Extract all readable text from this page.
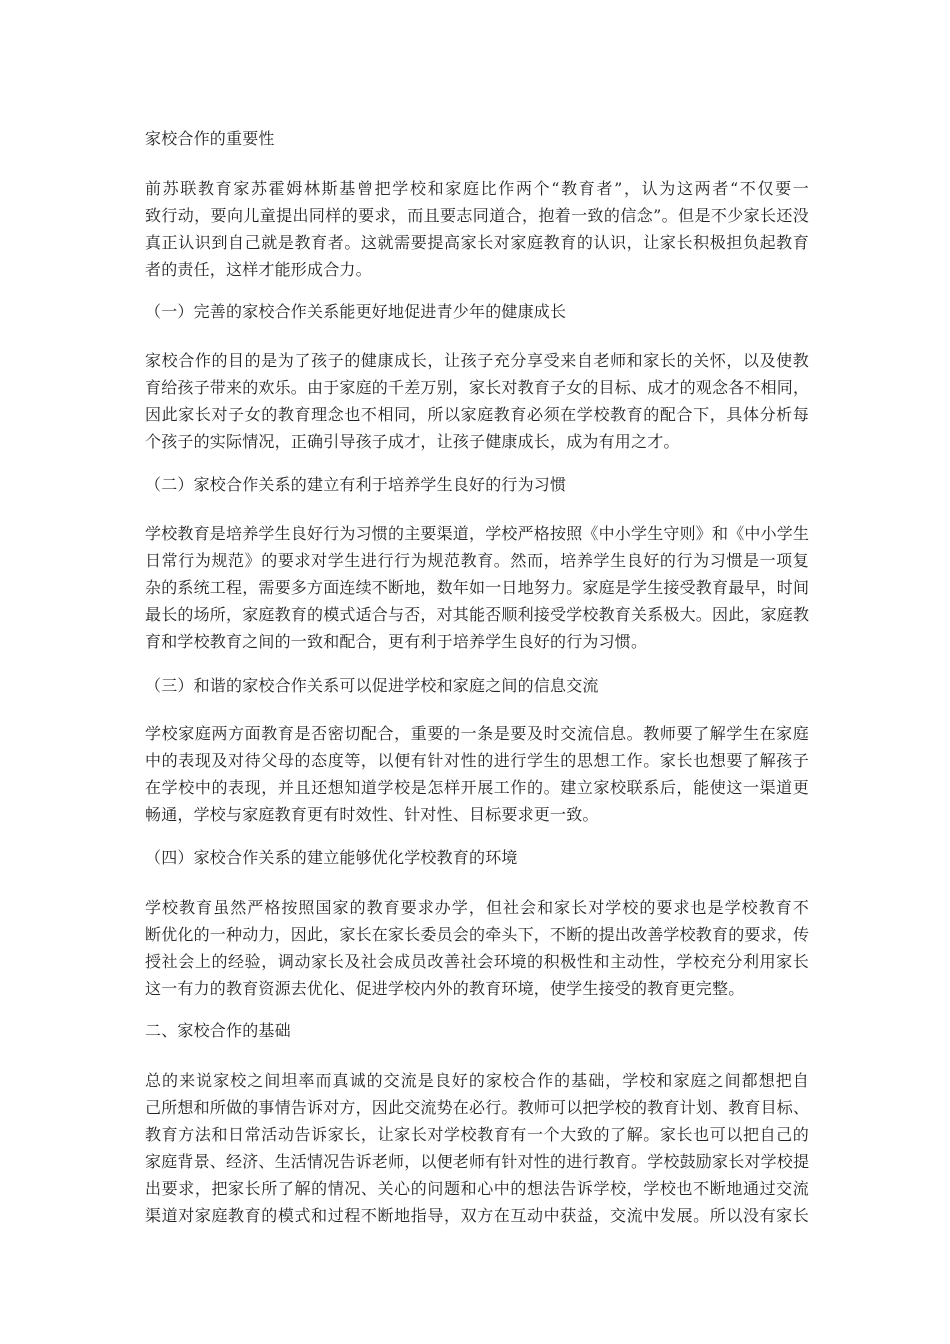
家校合作的重要性
前苏联教育家苏霍姆林斯基曾把学校和家庭比作两个“教育者”，认为这两者“不仅要一
致行动，要向儿童提出同样的要求，而且要志同道合，抱着一致的信念”。但是不少家长还没
真正认识到自己就是教育者。这就需要提高家长对家庭教育的认识，让家长积极担负起教育
者的责任，这样才能形成合力。
（一）完善的家校合作关系能更好地促进青少年的健康成长
家校合作的目的是为了孩子的健康成长，让孩子充分享受来自老师和家长的关怀，以及使教
育给孩子带来的欢乐。由于家庭的千差万别，家长对教育子女的目标、成才的观念各不相同，
因此家长对子女的教育理念也不相同，所以家庭教育必须在学校教育的配合下，具体分析每
个孩子的实际情况，正确引导孩子成才，让孩子健康成长，成为有用之才。
（二）家校合作关系的建立有利于培养学生良好的行为习惯
学校教育是培养学生良好行为习惯的主要渠道，学校严格按照《中小学生守则》和《中小学生
日常行为规范》的要求对学生进行行为规范教育。然而，培养学生良好的行为习惯是一项复
杂的系统工程，需要多方面连续不断地，数年如一日地努力。家庭是学生接受教育最早，时间
最长的场所，家庭教育的模式适合与否，对其能否顺利接受学校教育关系极大。因此，家庭教
育和学校教育之间的一致和配合，更有利于培养学生良好的行为习惯。
（三）和谐的家校合作关系可以促进学校和家庭之间的信息交流
学校家庭两方面教育是否密切配合，重要的一条是要及时交流信息。教师要了解学生在家庭
中的表现及对待父母的态度等，以便有针对性的进行学生的思想工作。家长也想要了解孩子
在学校中的表现，并且还想知道学校是怎样开展工作的。建立家校联系后，能使这一渠道更
畅通，学校与家庭教育更有时效性、针对性、目标要求更一致。
（四）家校合作关系的建立能够优化学校教育的环境
学校教育虽然严格按照国家的教育要求办学，但社会和家长对学校的要求也是学校教育不
断优化的一种动力，因此，家长在家长委员会的牵头下，不断的提出改善学校教育的要求，传
授社会上的经验，调动家长及社会成员改善社会环境的积极性和主动性，学校充分利用家长
这一有力的教育资源去优化、促进学校内外的教育环境，使学生接受的教育更完整。
二、家校合作的基础
总的来说家校之间坦率而真诚的交流是良好的家校合作的基础，学校和家庭之间都想把自
己所想和所做的事情告诉对方，因此交流势在必行。教师可以把学校的教育计划、教育目标、
教育方法和日常活动告诉家长，让家长对学校教育有一个大致的了解。家长也可以把自己的
家庭背景、经济、生活情况告诉老师，以便老师有针对性的进行教育。学校鼓励家长对学校提
出要求，把家长所了解的情况、关心的问题和心中的想法告诉学校，学校也不断地通过交流
渠道对家庭教育的模式和过程不断地指导，双方在互动中获益，交流中发展。所以没有家长
